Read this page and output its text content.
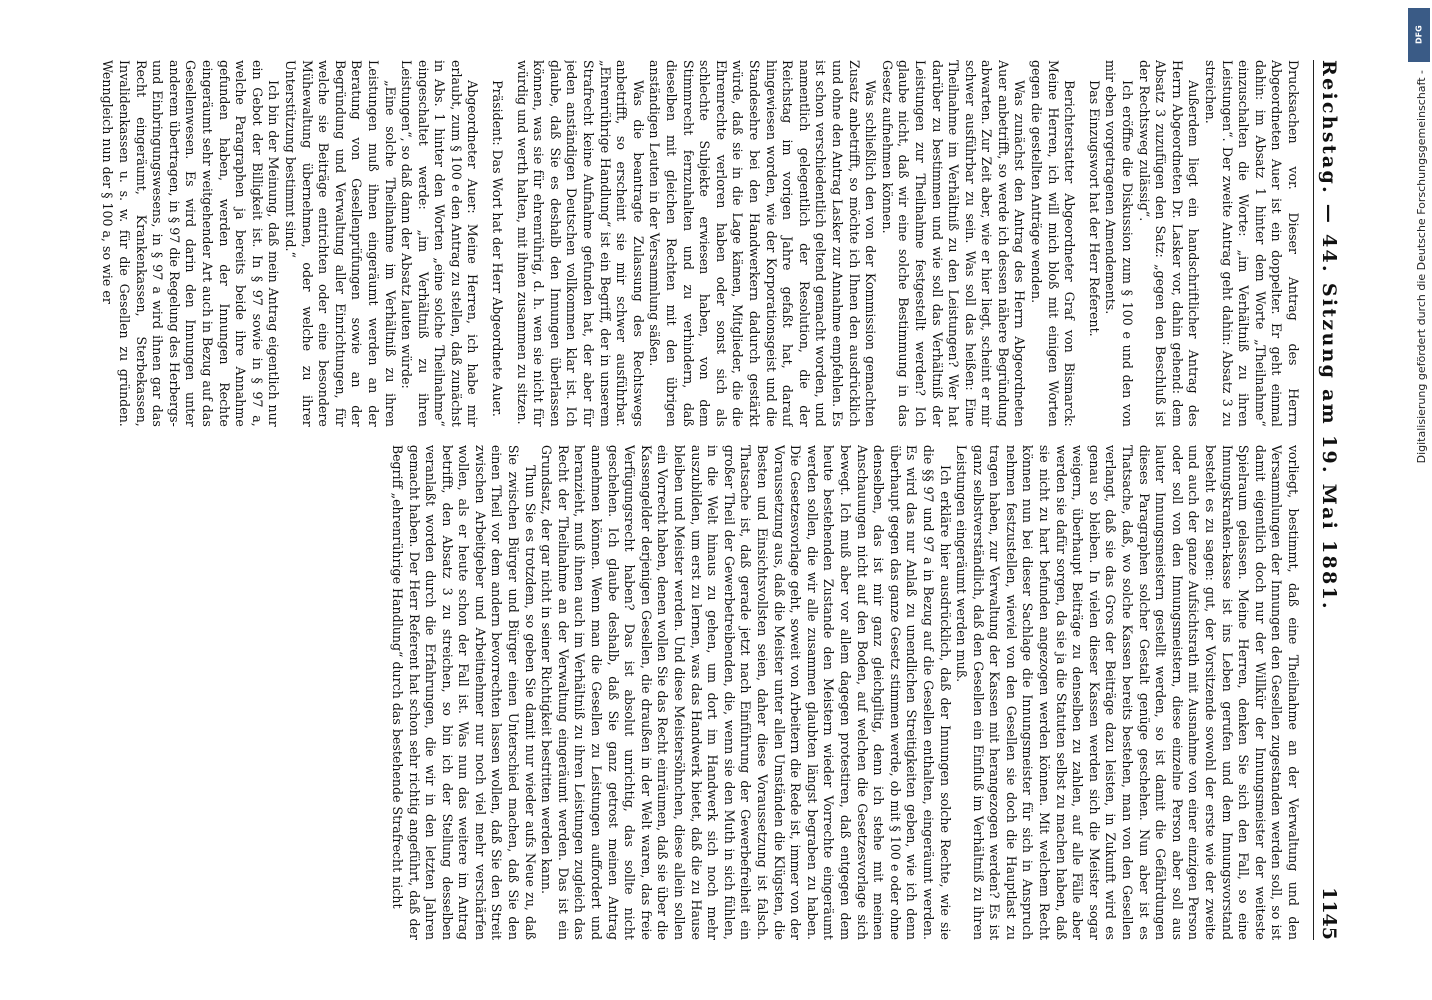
DFG
Digitalisierung gefördert durch die Deutsche Forschungsgemeinschaft -
Reichstag. — 44. Sitzung am 19. Mai 1881.
1145

Drucksachen vor. Dieser Antrag des Herrn Abgeordneten Auer ist ein doppelter. Er geht einmal dahin: im Absatz 1 hinter dem Worte „Theilnahme“ einzuschalten die Worte: „im Verhältniß zu ihren Leistungen“. Der zweite Antrag geht dahin: Absatz 3 zu streichen.

Außerdem liegt ein handschriftlicher Antrag des Herrn Abgeordneten Dr. Lasker vor, dahin gehend: dem Absatz 3 zuzufügen den Satz: „gegen den Beschluß ist der Rechtsweg zulässig“.

Ich eröffne die Diskussion zum § 100 e und den von mir eben vorgetragenen Amendements.

Das Einzugswort hat der Herr Referent.

Berichterstatter Abgeordneter Graf von Bismarck: Meine Herren, ich will mich bloß mit einigen Worten gegen die gestellten Anträge wenden.

Was zunächst den Antrag des Herrn Abgeordneten Auer anbetrifft, so werde ich dessen nähere Begründung abwarten. Zur Zeit aber, wie er hier liegt, scheint er mir schwer ausführbar zu sein. Was soll das heißen: Eine Theilnahme im Verhältniß zu den Leistungen? Wer hat darüber zu bestimmen und wie soll das Verhältniß der Leistungen zur Theilnahme festgestellt werden? Ich glaube nicht, daß wir eine solche Bestimmung in das Gesetz aufnehmen können.

Was schließlich den von der Kommission gemachten Zusatz anbetrifft, so möchte ich Ihnen den ausdrücklich und ohne den Antrag Lasker zur Annahme empfehlen. Es ist schon verschiedentlich geltend gemacht worden, und namentlich gelegentlich der Resolution, die der Reichstag im vorigen Jahre gefaßt hat, darauf hingewiesen worden, wie der Korporationsgeist und die Standesehre bei den Handwerkern dadurch gestärkt würde, daß sie in die Lage kämen, Mitglieder, die die Ehrenrechte verloren haben oder sonst sich als schlechte Subjekte erwiesen haben, von dem Stimmrecht fernzuhalten und zu verhindern, daß dieselben mit gleichen Rechten mit den übrigen anständigen Leuten in der Versammlung säßen.

Was die beantragte Zulassung des Rechtswegs anbetrifft, so erscheint sie mir schwer ausführbar. „Ehrenrührige Handlung“ ist ein Begriff, der in unserem Strafrecht keine Aufnahme gefunden hat, der aber für jeden anständigen Deutschen vollkommen klar ist. Ich glaube, daß Sie es deshalb den Innungen überlassen können, was sie für ehrenrührig, d. h. wen sie nicht für würdig und werth halten, mit ihnen zusammen zu sitzen.

Präsident: Das Wort hat der Herr Abgeordnete Auer.

Abgeordneter Auer: Meine Herren, ich habe mir erlaubt, zum § 100 e den Antrag zu stellen, daß zunächst in Abs. 1 hinter den Worten „eine solche Theilnahme“ eingeschaltet werde: „im Verhältniß zu ihren Leistungen“, so daß dann der Absatz lauten würde:

„Eine solche Theilnahme im Verhältniß zu ihren Leistungen muß ihnen eingeräumt werden an der Beratung von Gesellenprüfungen sowie an der Begründung und Verwaltung aller Einrichtungen, für welche sie Beiträge entrichten oder eine besondere Mühewaltung übernehmen, oder welche zu ihrer Unterstützung bestimmt sind.“

Ich bin der Meinung, daß mein Antrag eigentlich nur ein Gebot der Billigkeit ist. In § 97 sowie in § 97 a, welche Paragraphen ja bereits beide ihre Annahme gefunden haben, werden der Innungen Rechte eingeräumt sehr weitgehender Art auch in Bezug auf das Gesellenwesen. Es wird darin den Innungen unter anderem übertragen, in § 97 die Regelung des Herbergs- und Einbringungswesens, in § 97 a wird ihnen gar das Recht eingeräumt, Krankenkassen, Sterbekassen, Invalidenkassen u. s. w. für die Gesellen zu gründen. Wenngleich nun der § 100 a, so wie er

vorliegt, bestimmt, daß eine Theilnahme an der Verwaltung und den Versammlungen der Innungen den Gesellen zugestanden werden soll, so ist damit eigentlich doch nur der Willkür der Innungsmeister der weiteste Spielraum gelassen. Meine Herren, denken Sie sich den Fall, so eine Innungskranken-kasse ist ins Leben gerufen und dem Innungsvorstand besteht es zu sagen: gut, der Vorsitzende sowohl der erste wie der zweite und auch der ganze Aufsichtsrath mit Ausnahme von einer einzigen Person oder soll von den Innungsmeistern, diese einzelne Person aber soll aus lauter Innungsmeistern gestellt werden, so ist damit die Gefährdungen dieses Paragraphen solcher Gestalt genüge geschehen. Nun aber ist es Thatsache, daß, wo solche Kassen bereits bestehen, man von den Gesellen verlangt, daß sie das Gros der Beiträge dazu leisten, in Zukunft wird es genau so bleiben. In vielen dieser Kassen werden sich die Meister sogar weigern, überhaupt Beiträge zu denselben zu zahlen, auf alle Fälle aber werden sie dafür sorgen, da sie ja die Statuten selbst zu machen haben, daß sie nicht zu hart befunden angezogen werden können. Mit welchem Recht können nun bei dieser Sachlage die Innungsmeister für sich in Anspruch nehmen festzustellen, wieviel von den Gesellen sie doch die Hauptlast zu tragen haben, zur Verwaltung der Kassen mit herangezogen werden? Es ist ganz selbstverständlich, daß den Gesellen ein Einfluß im Verhältniß zu ihren Leistungen eingeräumt werden muß.

Ich erkläre hier ausdrücklich, daß der Innungen solche Rechte, wie sie die §§ 97 und 97 a in Bezug auf die Gesellen enthalten, eingeräumt werden. Es wird das nur Anlaß zu unendlichen Streitigkeiten geben, wie ich denn überhaupt gegen das ganze Gesetz stimmen werde, ob mit § 100 e oder ohne denselben, das ist mir ganz gleichgiltig, denn ich stehe mit meinen Anschauungen nicht auf den Boden, auf welchen die Gesetzesvorlage sich bewegt. Ich muß aber vor allem dagegen protestiren, daß entgegen dem heute bestehenden Zustande den Meistern wieder Vorrechte eingeräumt werden sollen, die wir alle zusammen glaubten längst begraben zu haben. Die Gesetzesvorlage geht, soweit von Arbeitern die Rede ist, immer von der Voraussetzung aus, daß die Meister unter allen Umständen die Klügsten, die Besten und Einsichtsvollsten seien, daher diese Voraussetzung ist falsch. Thatsache ist, daß gerade jetzt nach Einführung der Gewerbefreiheit ein großer Theil der Gewerbetreibenden, die, wenn sie den Muth in sich fühlen, in die Welt hinaus zu gehen, um dort im Handwerk sich noch mehr auszubilden, um erst zu lernen, was das Handwerk bietet, daß die zu Hause bleiben und Meister werden. Und diese Meistersöhnchen, diese allein sollen ein Vorrecht haben, denen wollen Sie das Recht einräumen, daß sie über die Kassengelder derjenigen Gesellen, die draußen in der Welt waren, das freie Verfügungsrecht haben? Das ist absolut unrichtig, das sollte nicht geschehen. Ich glaube deshalb, daß Sie ganz getrost meinen Antrag annehmen können. Wenn man die Gesellen zu Leistungen auffordert und heranzieht, muß ihnen auch im Verhältniß zu ihren Leistungen zugleich das Recht der Theilnahme an der Verwaltung eingeräumt werden. Das ist ein Grundsatz, der gar nicht in seiner Richtigkeit bestritten werden kann.

Thun Sie es trotzdem, so geben Sie damit nur wieder aufs Neue zu, daß Sie zwischen Bürger und Bürger einen Unterschied machen, daß Sie den einen Theil vor dem andern bevorrechten lassen wollen, daß Sie den Streit zwischen Arbeitgeber und Arbeitnehmer nur noch viel mehr verschärfen wollen, als er heute schon der Fall ist. Was nun das weitere im Antrag betrifft, den Absatz 3 zu streichen, so bin ich der Stellung desselben veranlaßt worden durch die Erfahrungen, die wir in den letzten Jahren gemacht haben. Der Herr Referent hat schon sehr richtig angeführt, daß der Begriff „ehrenrührige Handlung“ durch das bestehende Strafrecht nicht
